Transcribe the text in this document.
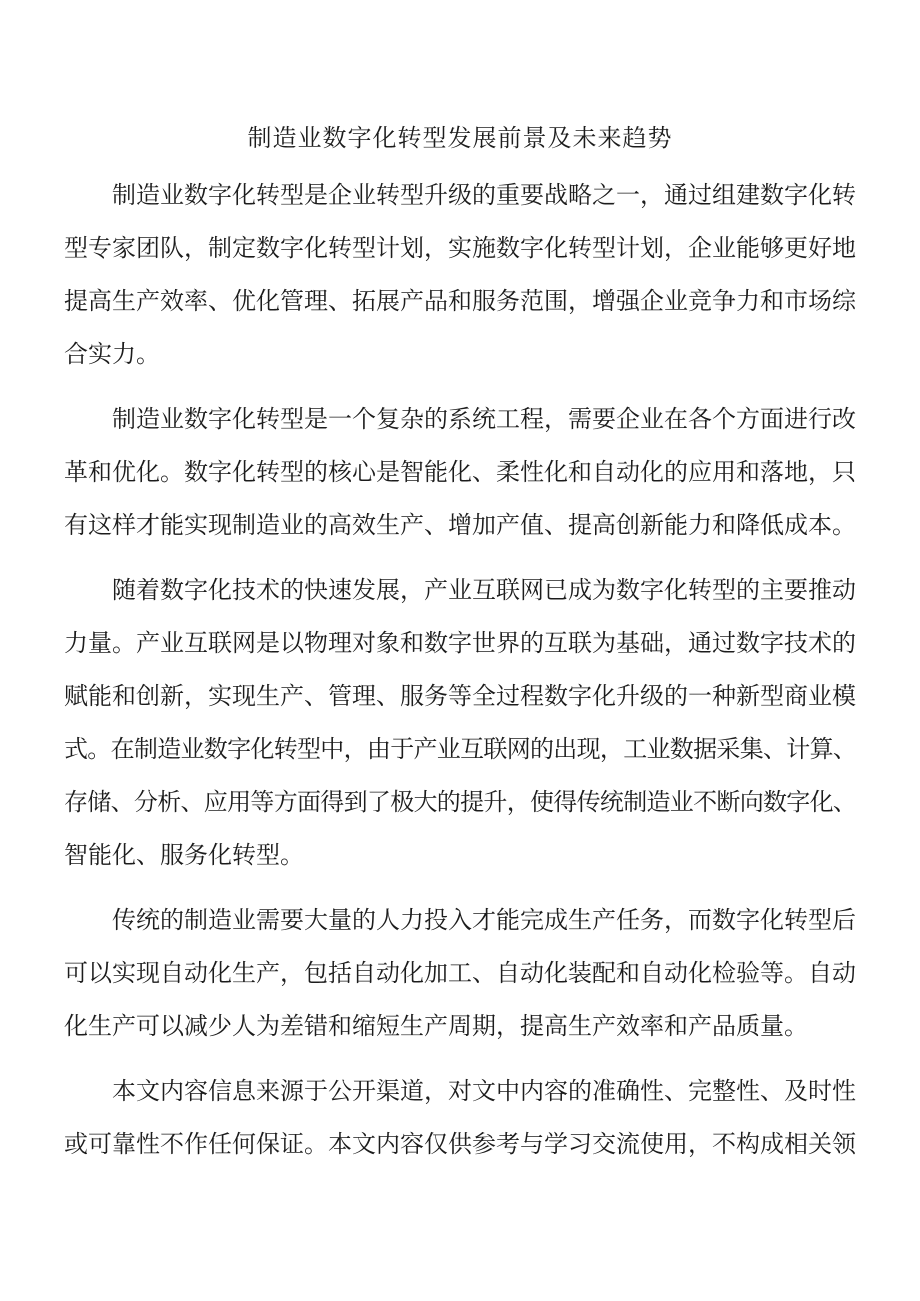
制造业数字化转型发展前景及未来趋势

制造业数字化转型是企业转型升级的重要战略之一，通过组建数字化转
型专家团队，制定数字化转型计划，实施数字化转型计划，企业能够更好地
提高生产效率、优化管理、拓展产品和服务范围，增强企业竞争力和市场综
合实力。

制造业数字化转型是一个复杂的系统工程，需要企业在各个方面进行改
革和优化。数字化转型的核心是智能化、柔性化和自动化的应用和落地，只
有这样才能实现制造业的高效生产、增加产值、提高创新能力和降低成本。

随着数字化技术的快速发展，产业互联网已成为数字化转型的主要推动
力量。产业互联网是以物理对象和数字世界的互联为基础，通过数字技术的
赋能和创新，实现生产、管理、服务等全过程数字化升级的一种新型商业模
式。在制造业数字化转型中，由于产业互联网的出现，工业数据采集、计算、
存储、分析、应用等方面得到了极大的提升，使得传统制造业不断向数字化、
智能化、服务化转型。

传统的制造业需要大量的人力投入才能完成生产任务，而数字化转型后
可以实现自动化生产，包括自动化加工、自动化装配和自动化检验等。自动
化生产可以减少人为差错和缩短生产周期，提高生产效率和产品质量。

本文内容信息来源于公开渠道，对文中内容的准确性、完整性、及时性
或可靠性不作任何保证。本文内容仅供参考与学习交流使用，不构成相关领
